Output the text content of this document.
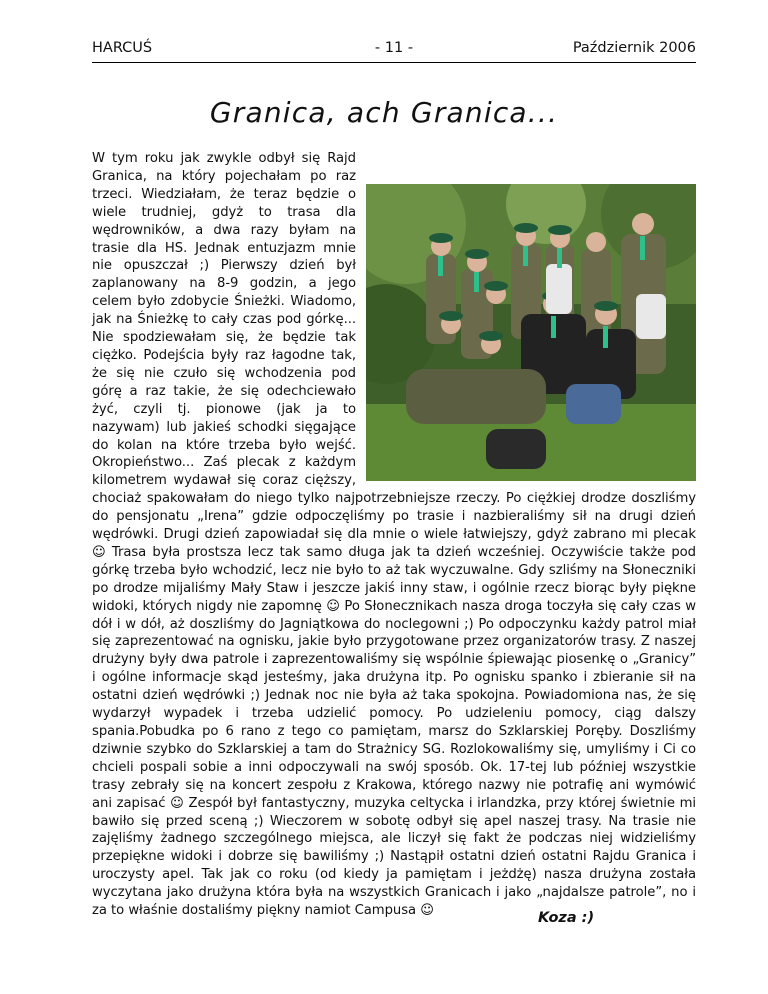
HARCUŚ	- 11 -	Październik 2006
Granica, ach Granica...

W tym roku jak zwykle odbył się Rajd Granica, na który pojechałam po raz trzeci. Wiedziałam, że teraz będzie o wiele trudniej, gdyż to trasa dla wędrowników, a dwa razy byłam na trasie dla HS. Jednak entuzjazm mnie nie opuszczał ;) Pierwszy dzień był zaplanowany na 8-9 godzin, a jego celem było zdobycie Śnieżki. Wiadomo, jak na Śnieżkę to cały czas pod górkę... Nie spodziewałam się, że będzie tak ciężko. Podejścia były raz łagodne tak, że się nie czuło się wchodzenia pod górę a raz takie, że się odechciewało żyć, czyli tj. pionowe (jak ja to nazywam) lub jakieś schodki sięgające do kolan na które trzeba było wejść. Okropieństwo... Zaś plecak z każdym kilometrem wydawał się coraz cięższy, chociaż spakowałam do niego tylko najpotrzebniejsze rzeczy. Po ciężkiej drodze doszliśmy do pensjonatu „Irena” gdzie odpoczęliśmy po trasie i nazbieraliśmy sił na drugi dzień wędrówki. Drugi dzień zapowiadał się dla mnie o wiele łatwiejszy, gdyż zabrano mi plecak ☺ Trasa była prostsza lecz tak samo długa jak ta dzień wcześniej. Oczywiście także pod górkę trzeba było wchodzić, lecz nie było to aż tak wyczuwalne. Gdy szliśmy na Słoneczniki po drodze mijaliśmy Mały Staw i jeszcze jakiś inny staw, i ogólnie rzecz biorąc były piękne widoki, których nigdy nie zapomnę ☺ Po Słonecznikach nasza droga toczyła się cały czas w dół i w dół, aż doszliśmy do Jagniątkowa do noclegowni ;) Po odpoczynku każdy patrol miał się zaprezentować na ognisku, jakie było przygotowane przez organizatorów trasy. Z naszej drużyny były dwa patrole i zaprezentowaliśmy się wspólnie śpiewając piosenkę o „Granicy” i ogólne informacje skąd jesteśmy, jaka drużyna itp. Po ognisku spanko i zbieranie sił na ostatni dzień wędrówki ;) Jednak noc nie była aż taka spokojna. Powiadomiona nas, że się wydarzył wypadek i trzeba udzielić pomocy. Po udzieleniu pomocy, ciąg dalszy spania.Pobudka po 6 rano z tego co pamiętam, marsz do Szklarskiej Poręby. Doszliśmy dziwnie szybko do Szklarskiej a tam do Strażnicy SG. Rozlokowaliśmy się, umyliśmy i Ci co chcieli pospali sobie a inni odpoczywali na swój sposób. Ok. 17-tej lub później wszystkie trasy zebrały się na koncert zespołu z Krakowa, którego nazwy nie potrafię ani wymówić ani zapisać ☺ Zespół był fantastyczny, muzyka celtycka i irlandzka, przy której świetnie mi bawiło się przed sceną ;) Wieczorem w sobotę odbył się apel naszej trasy. Na trasie nie zajęliśmy żadnego szczególnego miejsca, ale liczył się fakt że podczas niej widzieliśmy przepiękne widoki i dobrze się bawiliśmy ;) Nastąpił ostatni dzień ostatni Rajdu Granica i uroczysty apel. Tak jak co roku (od kiedy ja pamiętam i jeżdżę) nasza drużyna została wyczytana jako drużyna która była na wszystkich Granicach i jako „najdalsze patrole”, no i za to właśnie dostaliśmy piękny namiot Campusa ☺	Koza :)
